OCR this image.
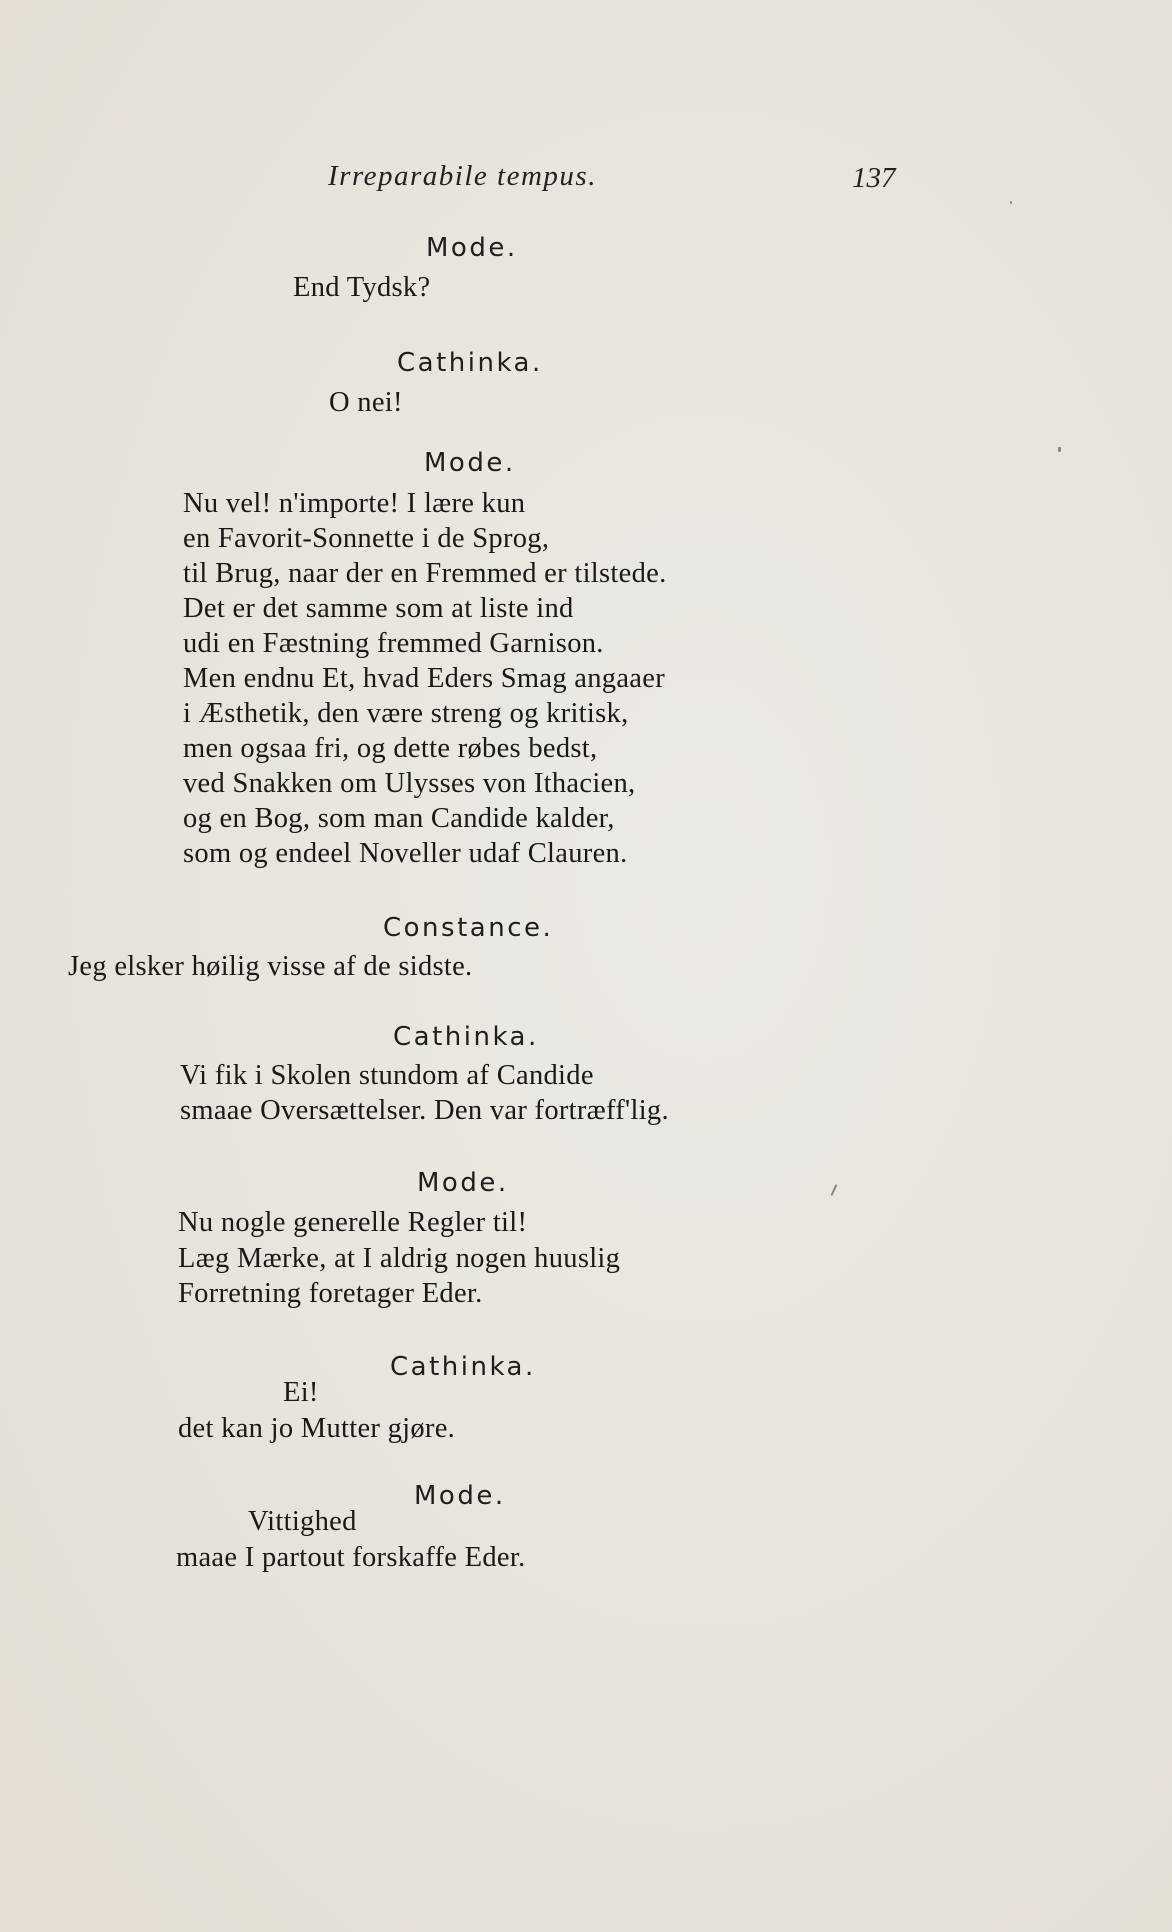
Irreparabile tempus.	137
Mode.
End Tydsk?
Cathinka.
O nei!
Mode.
Nu vel! n'importe! I lære kun
en Favorit-Sonnette i de Sprog,
til Brug, naar der en Fremmed er tilstede.
Det er det samme som at liste ind
udi en Fæstning fremmed Garnison.
Men endnu Et, hvad Eders Smag angaaer
i Æsthetik, den være streng og kritisk,
men ogsaa fri, og dette røbes bedst,
ved Snakken om Ulysses von Ithacien,
og en Bog, som man Candide kalder,
som og endeel Noveller udaf Clauren.
Constance.
Jeg elsker høilig visse af de sidste.
Cathinka.
Vi fik i Skolen stundom af Candide
smaae Oversættelser. Den var fortræff'lig.
Mode.
Nu nogle generelle Regler til!
Læg Mærke, at I aldrig nogen huuslig
Forretning foretager Eder.
Cathinka.
Ei!
det kan jo Mutter gjøre.
Mode.
Vittighed
maae I partout forskaffe Eder.
